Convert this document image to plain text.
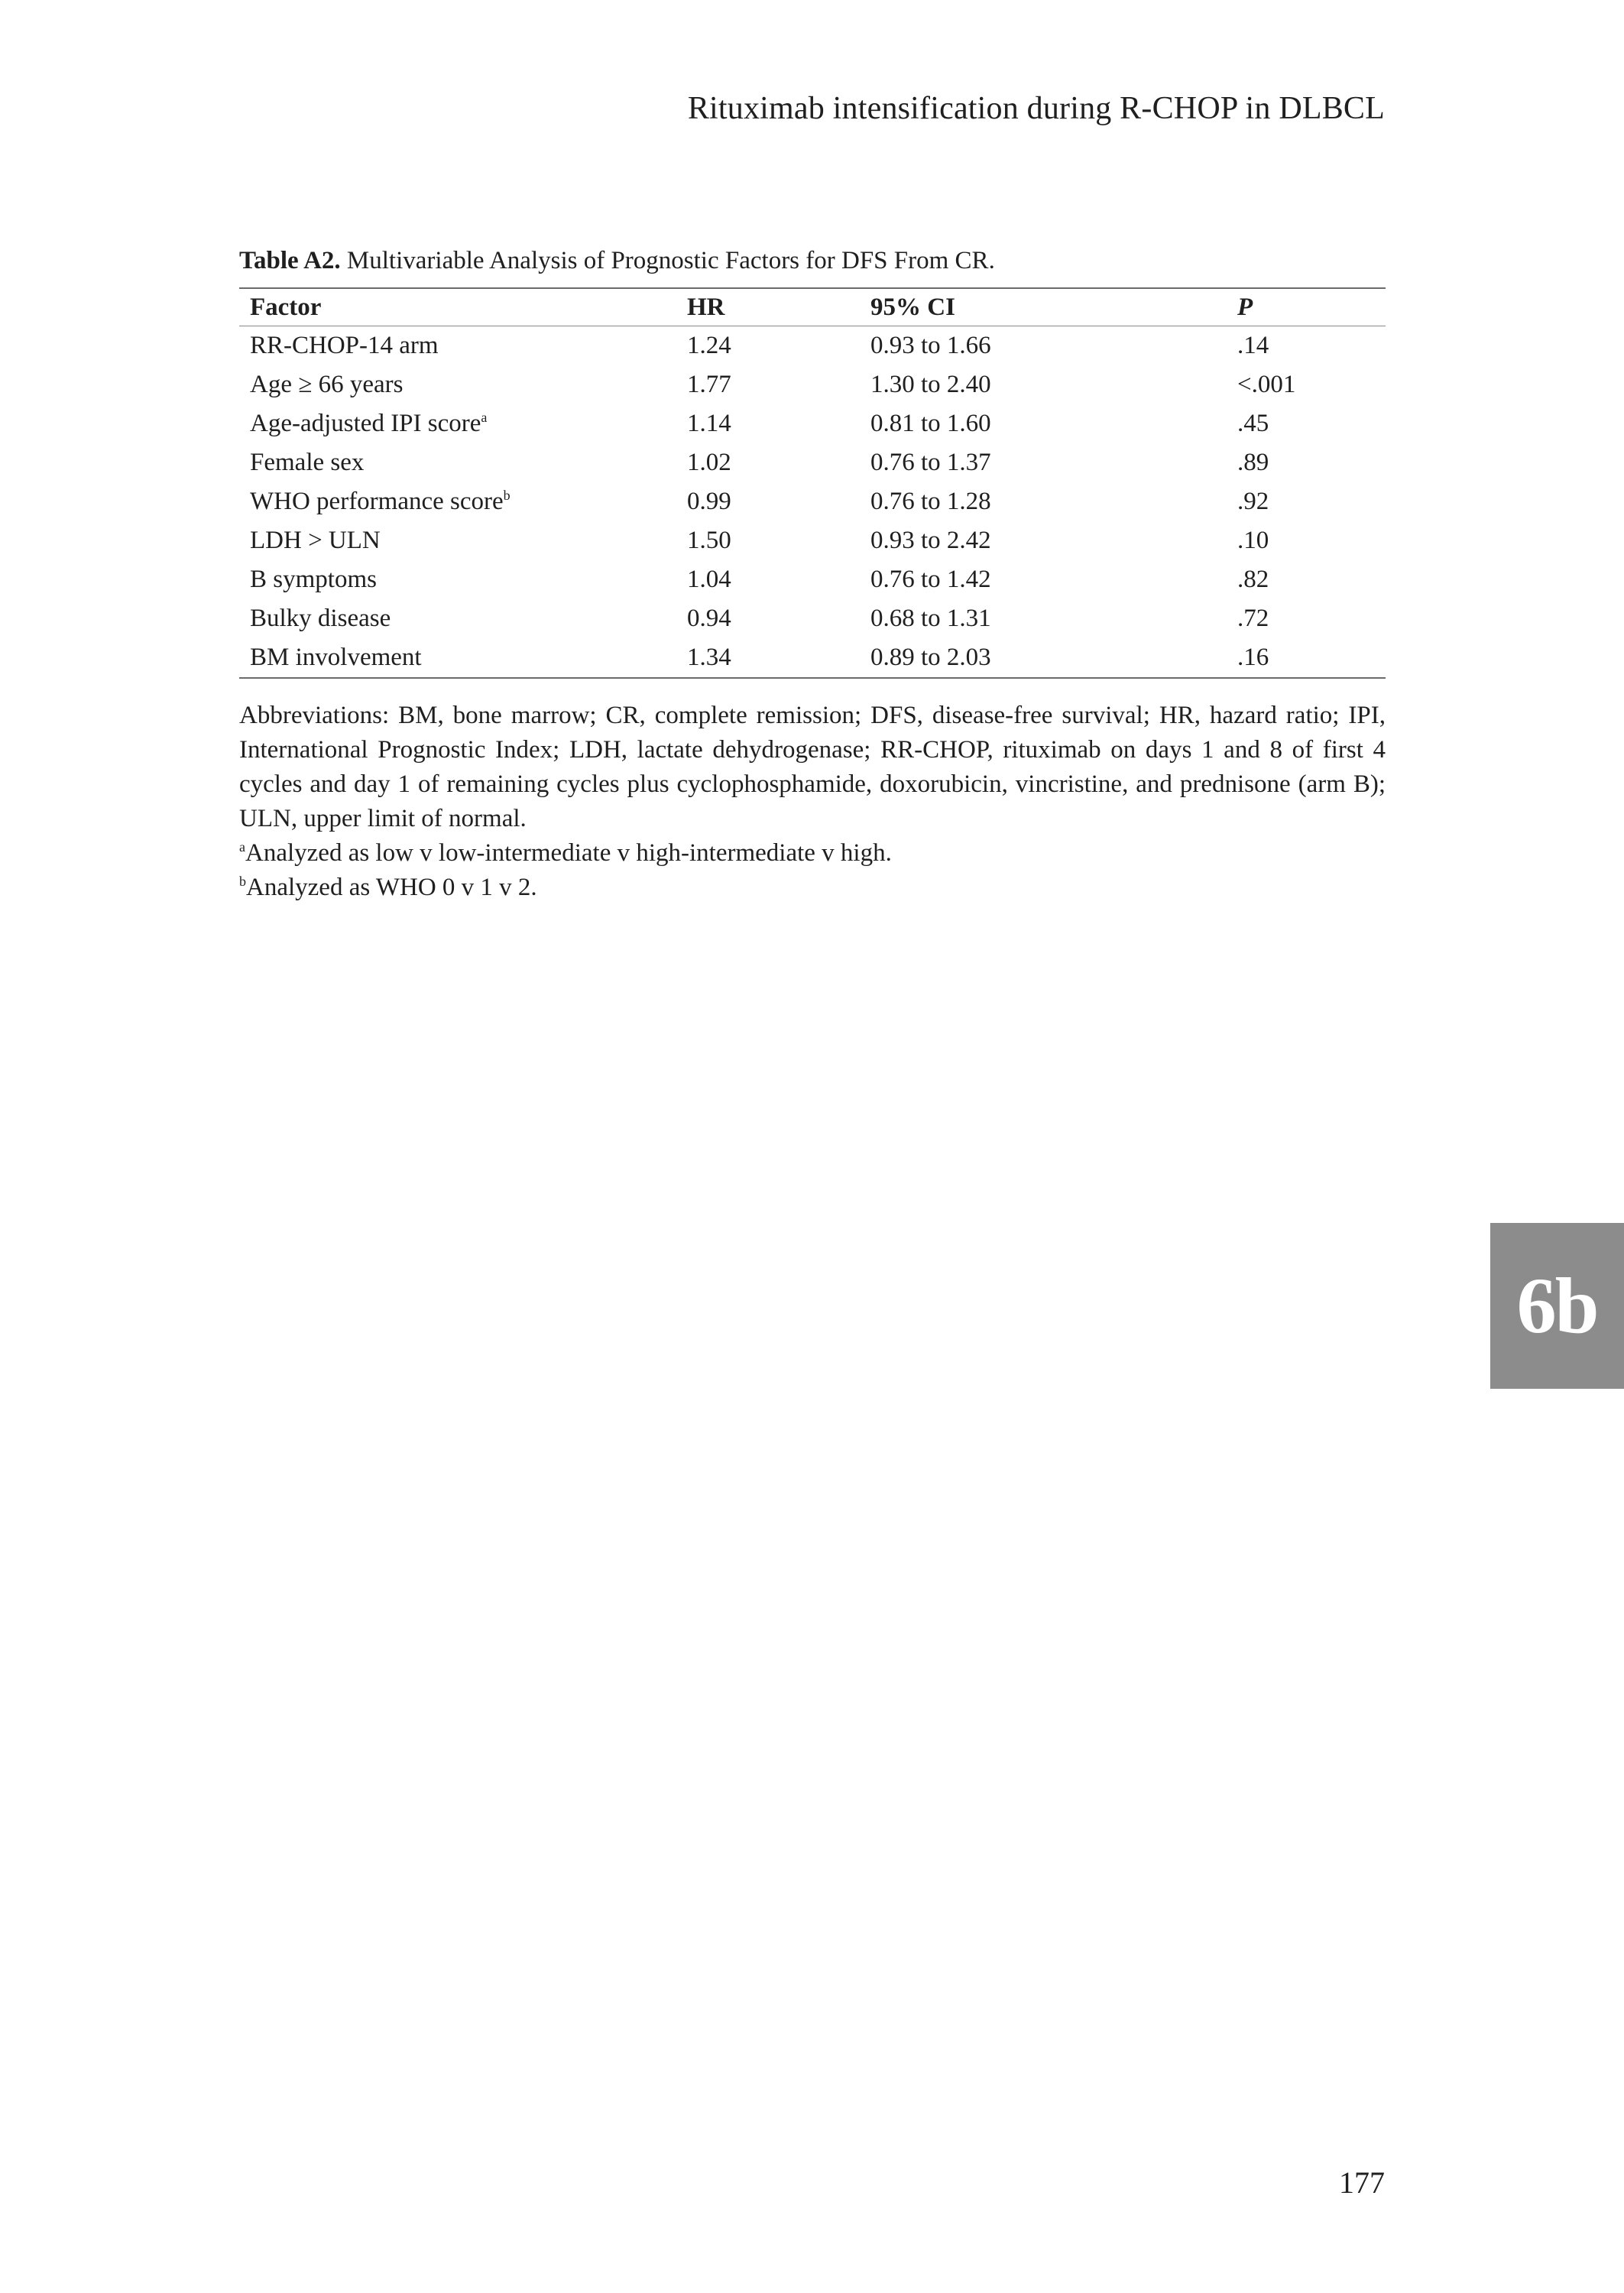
Rituximab intensification during R-CHOP in DLBCL
Table A2. Multivariable Analysis of Prognostic Factors for DFS From CR.
Factor	HR	95% CI	P
RR-CHOP-14 arm	1.24	0.93 to 1.66	.14
Age ≥ 66 years	1.77	1.30 to 2.40	<.001
Age-adjusted IPI score$^a$	1.14	0.81 to 1.60	.45
Female sex	1.02	0.76 to 1.37	.89
WHO performance score$^b$	0.99	0.76 to 1.28	.92
LDH > ULN	1.50	0.93 to 2.42	.10
B symptoms	1.04	0.76 to 1.42	.82
Bulky disease	0.94	0.68 to 1.31	.72
BM involvement	1.34	0.89 to 2.03	.16

Abbreviations: BM, bone marrow; CR, complete remission; DFS, disease-free survival; HR, hazard ratio; IPI, International Prognostic Index; LDH, lactate dehydrogenase; RR-CHOP, rituximab on days 1 and 8 of first 4 cycles and day 1 of remaining cycles plus cyclophosphamide, doxorubicin, vincristine, and prednisone (arm B); ULN, upper limit of normal.

$^a$Analyzed as low v low-intermediate v high-intermediate v high.

$^b$Analyzed as WHO 0 v 1 v 2.

6b
177
